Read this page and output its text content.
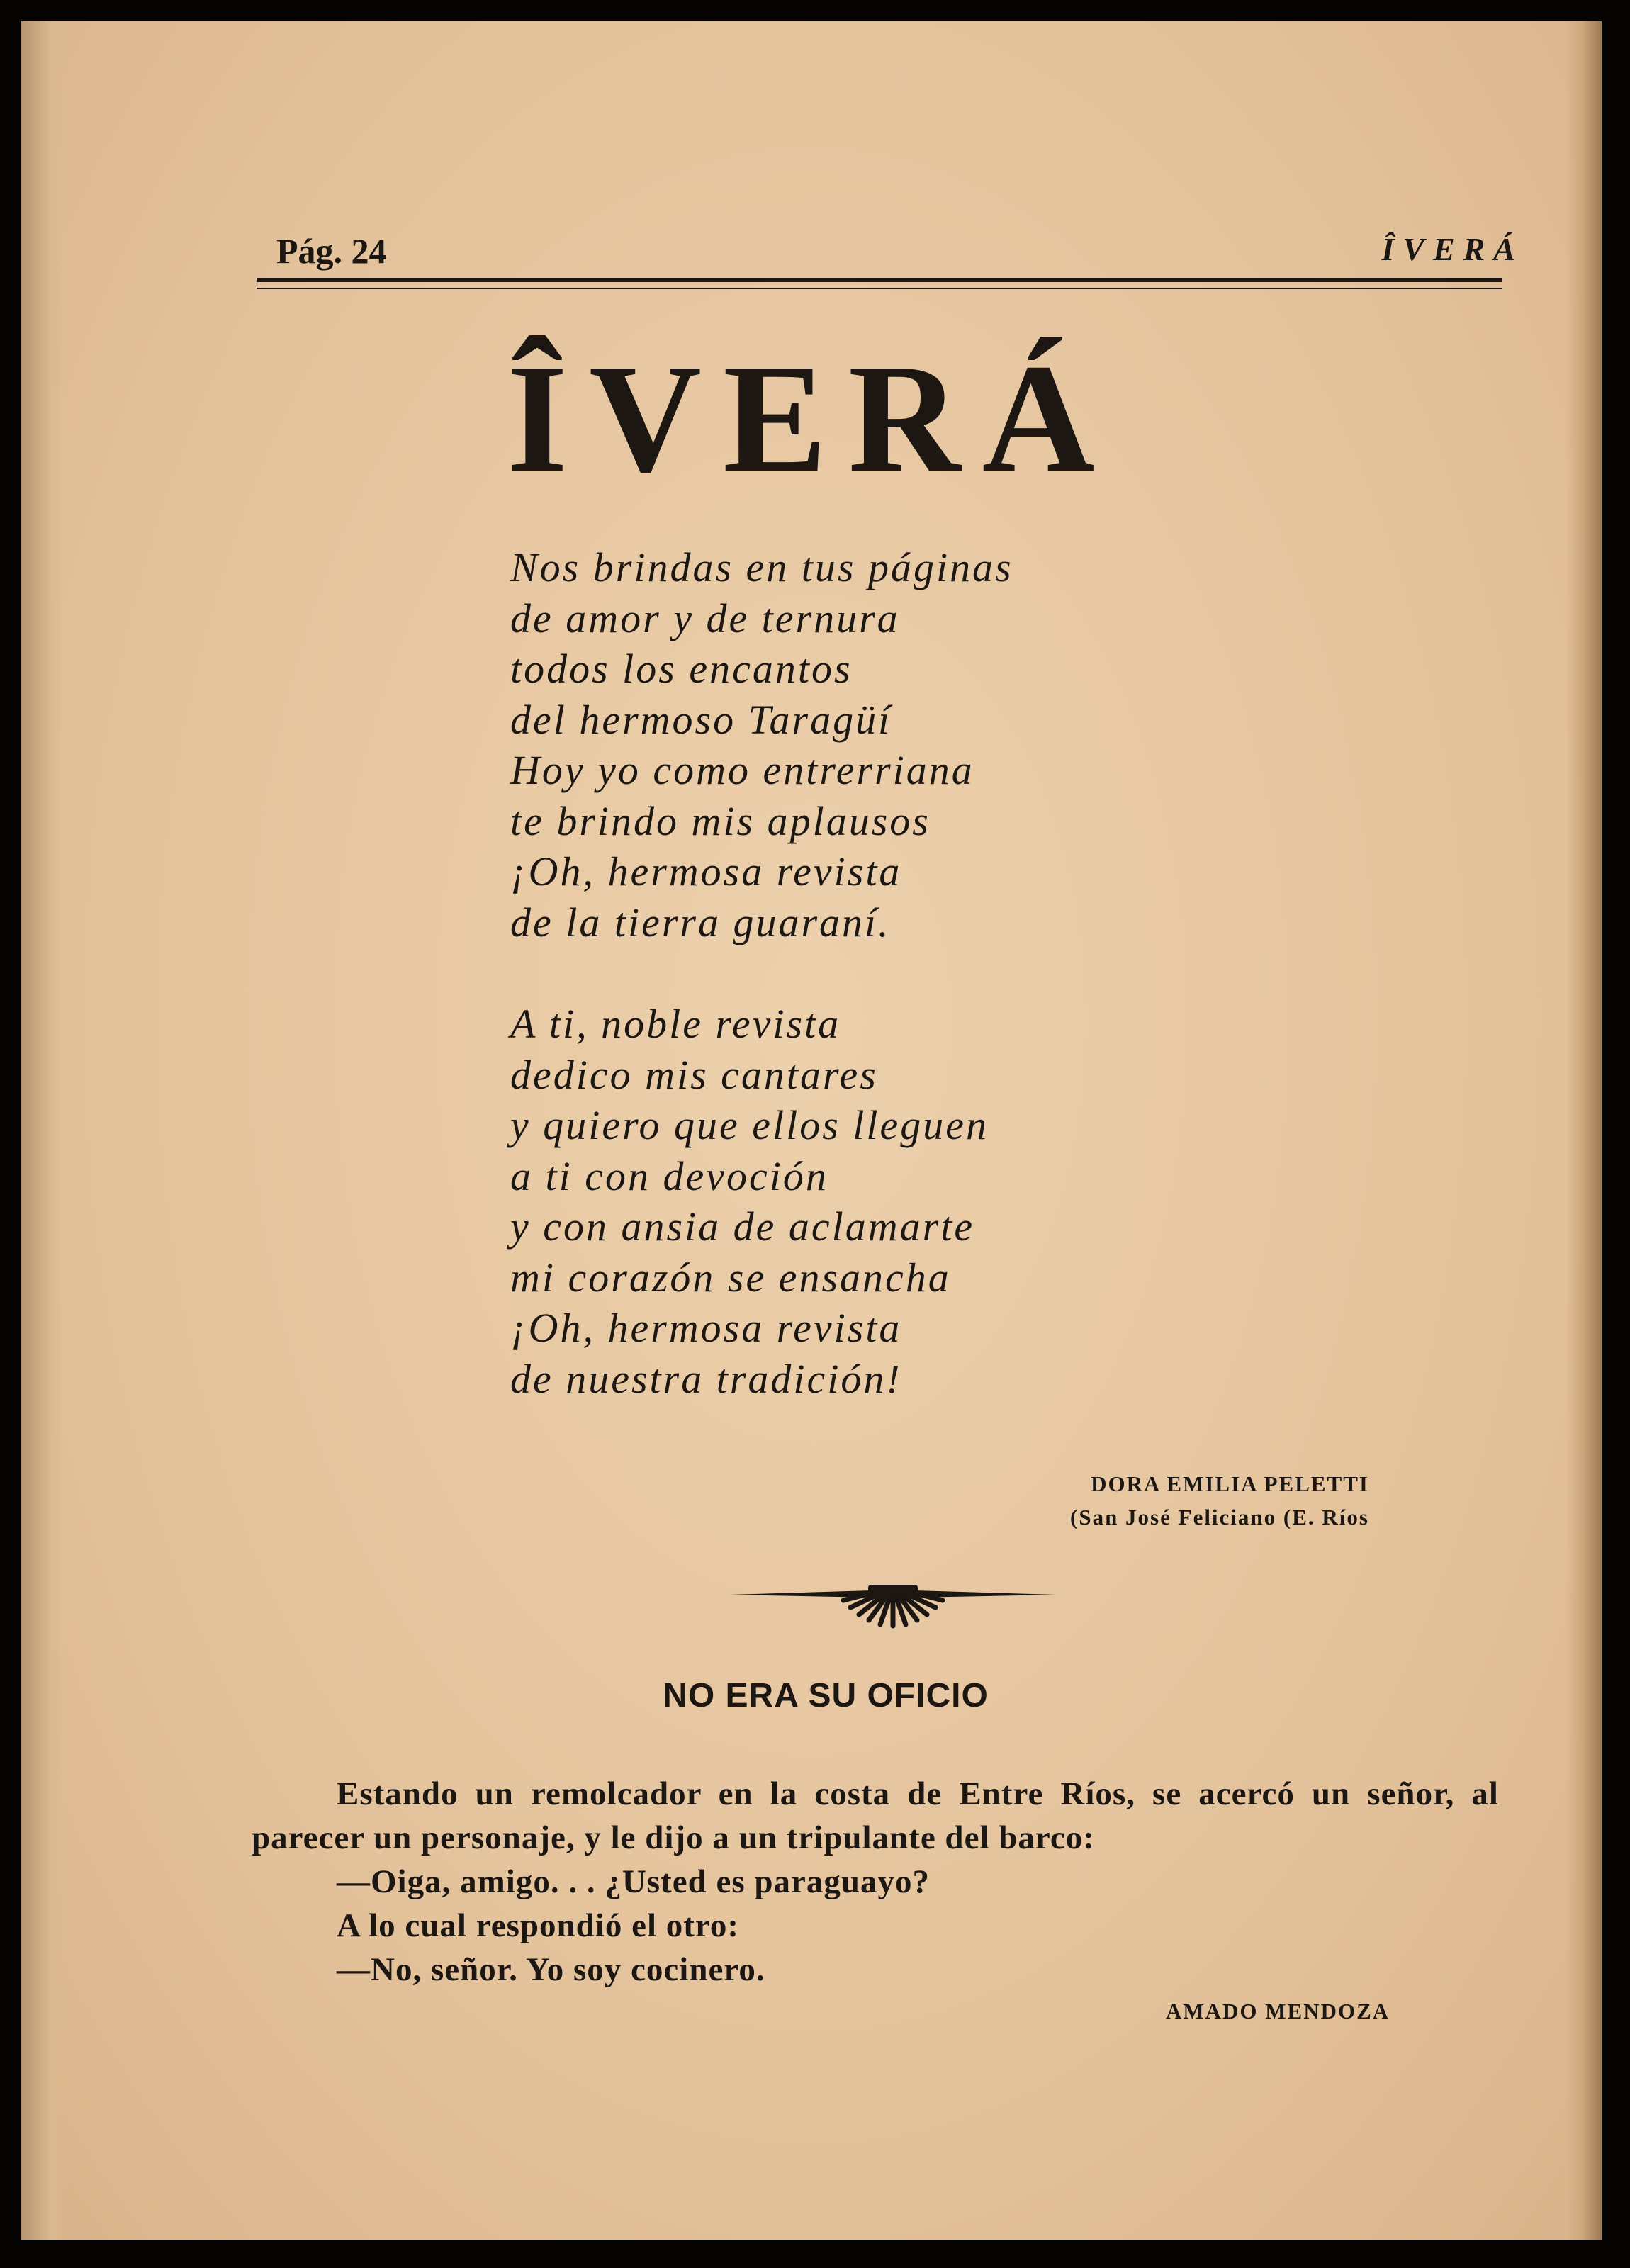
Pág. 24	ÎVERÁ
ÎVERÁ
Nos brindas en tus páginas
de amor y de ternura
todos los encantos
del hermoso Taragüí
Hoy yo como entrerriana
te brindo mis aplausos
¡Oh, hermosa revista
de la tierra guaraní.
A ti, noble revista
dedico mis cantares
y quiero que ellos lleguen
a ti con devoción
y con ansia de aclamarte
mi corazón se ensancha
¡Oh, hermosa revista
de nuestra tradición!
DORA EMILIA PELETTI
(San José Feliciano (E. Ríos
NO ERA SU OFICIO

Estando un remolcador en la costa de Entre Ríos, se acercó un señor, al parecer un personaje, y le dijo a un tripulante del barco:

—Oiga, amigo. . . ¿Usted es paraguayo?

A lo cual respondió el otro:

—No, señor. Yo soy cocinero.

AMADO MENDOZA
